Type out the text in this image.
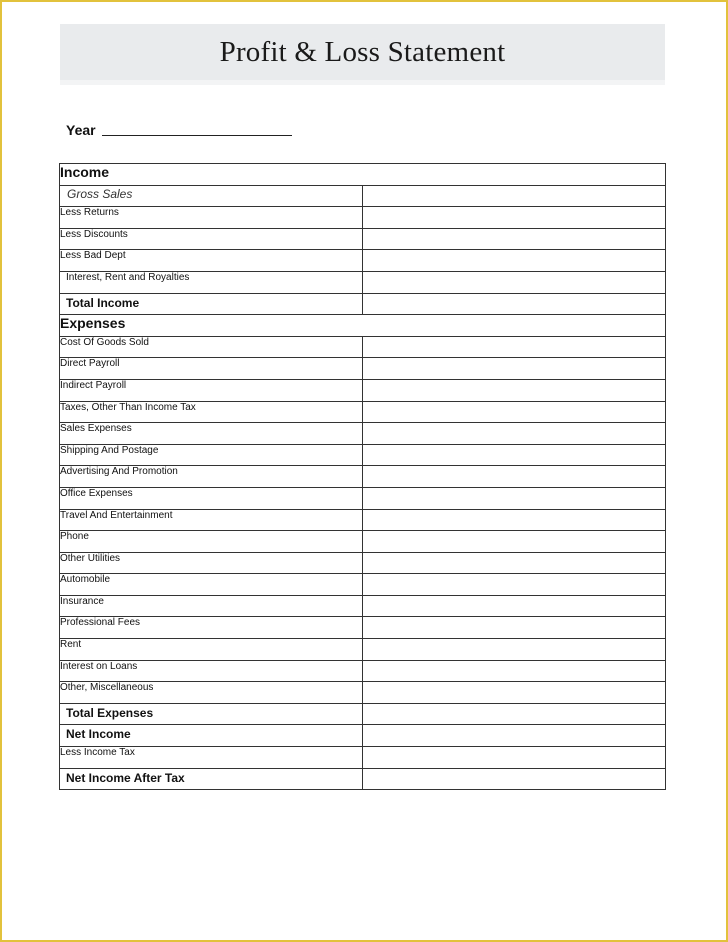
Profit & Loss Statement
Year
Income	
Gross Sales	
Less Returns	
Less Discounts	
Less Bad Dept	
Interest, Rent and Royalties	
Total Income	
Expenses	
Cost Of Goods Sold	
Direct Payroll	
Indirect Payroll	
Taxes, Other Than Income Tax	
Sales Expenses	
Shipping And Postage	
Advertising And Promotion	
Office Expenses	
Travel And Entertainment	
Phone	
Other Utilities	
Automobile	
Insurance	
Professional Fees	
Rent	
Interest on Loans	
Other, Miscellaneous	
Total Expenses	
Net Income	
Less Income Tax	
Net Income After Tax	
